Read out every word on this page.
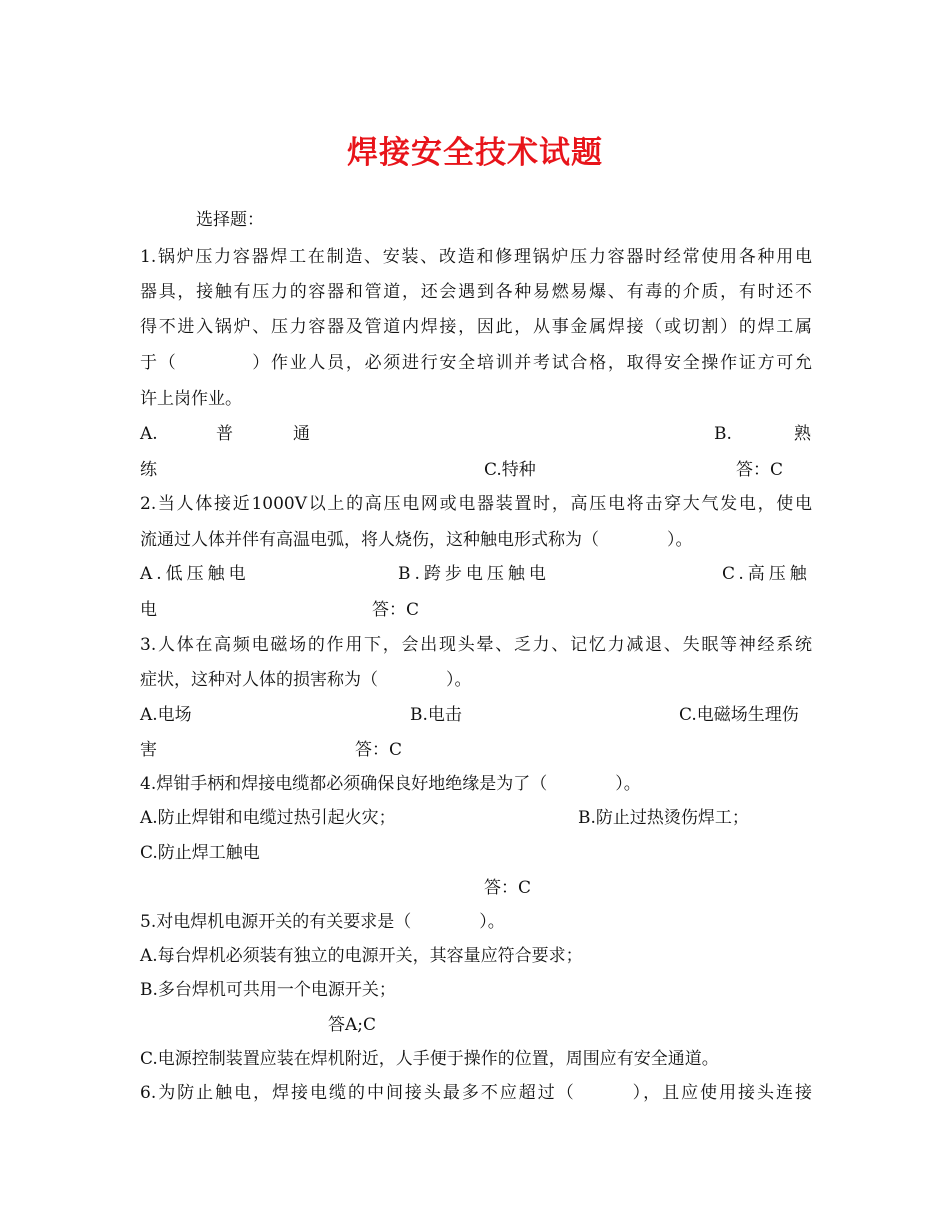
焊接安全技术试题
选择题：
1.锅炉压力容器焊工在制造、安装、改造和修理锅炉压力容器时经常使用各种用电
器具，接触有压力的容器和管道，还会遇到各种易燃易爆、有毒的介质，有时还不
得不进入锅炉、压力容器及管道内焊接，因此，从事金属焊接（或切割）的焊工属
于（　　　　）作业人员，必须进行安全培训并考试合格，取得安全操作证方可允
许上岗作业。
A.	普	通	B.	熟
练	C.特种	答：C
2.当人体接近1000V以上的高压电网或电器装置时，高压电将击穿大气发电，使电
流通过人体并伴有高温电弧，将人烧伤，这种触电形式称为（　　　　）。
A.低压触电	B.跨步电压触电	C.高压触
电	答：C
3.人体在高频电磁场的作用下，会出现头晕、乏力、记忆力减退、失眠等神经系统
症状，这种对人体的损害称为（　　　　）。
A.电场	B.电击	C.电磁场生理伤
害	答：C
4.焊钳手柄和焊接电缆都必须确保良好地绝缘是为了（　　　　）。
A.防止焊钳和电缆过热引起火灾；	B.防止过热烫伤焊工；
C.防止焊工触电
答：C
5.对电焊机电源开关的有关要求是（　　　　）。
A.每台焊机必须装有独立的电源开关，其容量应符合要求；
B.多台焊机可共用一个电源开关；
答A;C
C.电源控制装置应装在焊机附近，人手便于操作的位置，周围应有安全通道。
6.为防止触电，焊接电缆的中间接头最多不应超过（　　　），且应使用接头连接
